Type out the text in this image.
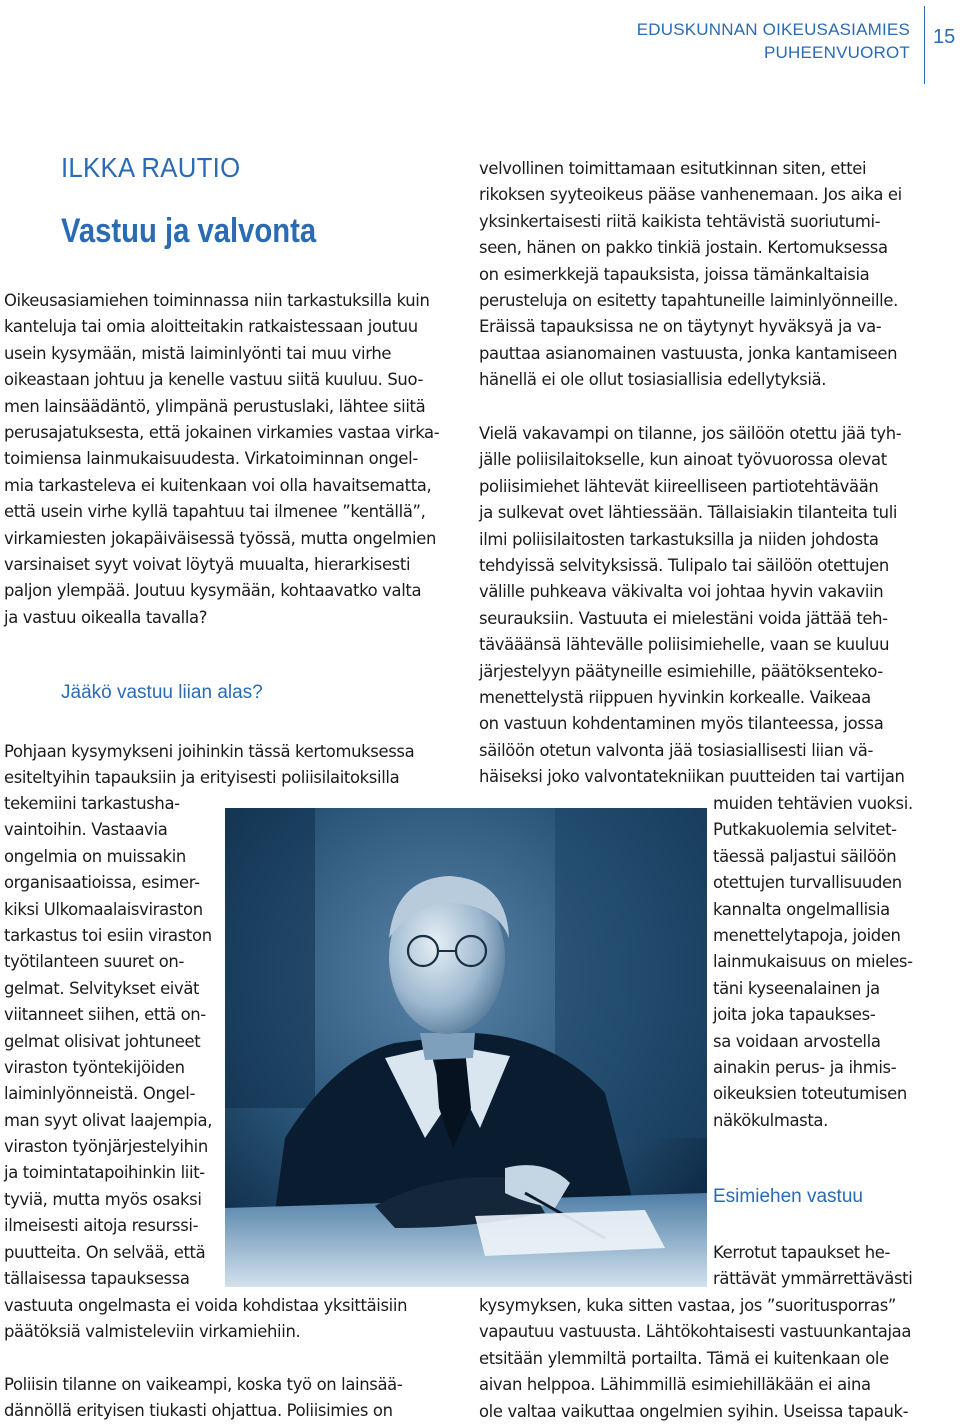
EDUSKUNNAN OIKEUSASIAMIES
PUHEENVUOROT
15
ILKKA RAUTIO
Vastuu ja valvonta
Oikeusasiamiehen toiminnassa niin tarkastuksilla kuin
kanteluja tai omia aloitteitakin ratkaistessaan joutuu
usein kysymään, mistä laiminlyönti tai muu virhe
oikeastaan johtuu ja kenelle vastuu siitä kuuluu. Suo-
men lainsäädäntö, ylimpänä perustuslaki, lähtee siitä
perusajatuksesta, että jokainen virkamies vastaa virka-
toimiensa lainmukaisuudesta. Virkatoiminnan ongel-
mia tarkasteleva ei kuitenkaan voi olla havaitsematta,
että usein virhe kyllä tapahtuu tai ilmenee ”kentällä”,
virkamiesten jokapäiväisessä työssä, mutta ongelmien
varsinaiset syyt voivat löytyä muualta, hierarkisesti
paljon ylempää. Joutuu kysymään, kohtaavatko valta
ja vastuu oikealla tavalla?
Jääkö vastuu liian alas?
Pohjaan kysymykseni joihinkin tässä kertomuksessa
esiteltyihin tapauksiin ja erityisesti poliisilaitoksilla
tekemiini tarkastusha-
vaintoihin. Vastaavia
ongelmia on muissakin
organisaatioissa, esimer-
kiksi Ulkomaalaisviraston
tarkastus toi esiin viraston
työtilanteen suuret on-
gelmat. Selvitykset eivät
viitanneet siihen, että on-
gelmat olisivat johtuneet
viraston työntekijöiden
laiminlyönneistä. Ongel-
man syyt olivat laajempia,
viraston työnjärjestelyihin
ja toimintatapoihinkin liit-
tyviä, mutta myös osaksi
ilmeisesti aitoja resurssi-
puutteita. On selvää, että
tällaisessa tapauksessa
vastuuta ongelmasta ei voida kohdistaa yksittäisiin
päätöksiä valmisteleviin virkamiehiin.
Poliisin tilanne on vaikeampi, koska työ on lainsää-
dännöllä erityisen tiukasti ohjattua. Poliisimies on
velvollinen toimittamaan esitutkinnan siten, ettei
rikoksen syyteoikeus pääse vanhenemaan. Jos aika ei
yksinkertaisesti riitä kaikista tehtävistä suoriutumi-
seen, hänen on pakko tinkiä jostain. Kertomuksessa
on esimerkkejä tapauksista, joissa tämänkaltaisia
perusteluja on esitetty tapahtuneille laiminlyönneille.
Eräissä tapauksissa ne on täytynyt hyväksyä ja va-
pauttaa asianomainen vastuusta, jonka kantamiseen
hänellä ei ole ollut tosiasiallisia edellytyksiä.
Vielä vakavampi on tilanne, jos säilöön otettu jää tyh-
jälle poliisilaitokselle, kun ainoat työvuorossa olevat
poliisimiehet lähtevät kiireelliseen partiotehtävään
ja sulkevat ovet lähtiessään. Tällaisiakin tilanteita tuli
ilmi poliisilaitosten tarkastuksilla ja niiden johdosta
tehdyissä selvityksissä. Tulipalo tai säilöön otettujen
välille puhkeava väkivalta voi johtaa hyvin vakaviin
seurauksiin. Vastuuta ei mielestäni voida jättää teh-
tävääänsä lähtevälle poliisimiehelle, vaan se kuuluu
järjestelyyn päätyneille esimiehille, päätöksenteko-
menettelystä riippuen hyvinkin korkealle. Vaikeaa
on vastuun kohdentaminen myös tilanteessa, jossa
säilöön otetun valvonta jää tosiasiallisesti liian vä-
häiseksi joko valvontatekniikan puutteiden tai vartijan
muiden tehtävien vuoksi.
Putkakuolemia selvitet-
täessä paljastui säilöön
otettujen turvallisuuden
kannalta ongelmallisia
menettelytapoja, joiden
lainmukaisuus on mieles-
täni kyseenalainen ja
joita joka tapaukses-
sa voidaan arvostella
ainakin perus- ja ihmis-
oikeuksien toteutumisen
näkökulmasta.
Esimiehen vastuu
Kerrotut tapaukset he-
rättävät ymmärrettävästi
kysymyksen, kuka sitten vastaa, jos ”suoritusporras”
vapautuu vastuusta. Lähtökohtaisesti vastuunkantajaa
etsitään ylemmiltä portailta. Tämä ei kuitenkaan ole
aivan helppoa. Lähimmillä esimiehilläkään ei aina
ole valtaa vaikuttaa ongelmien syihin. Useissa tapauk-
